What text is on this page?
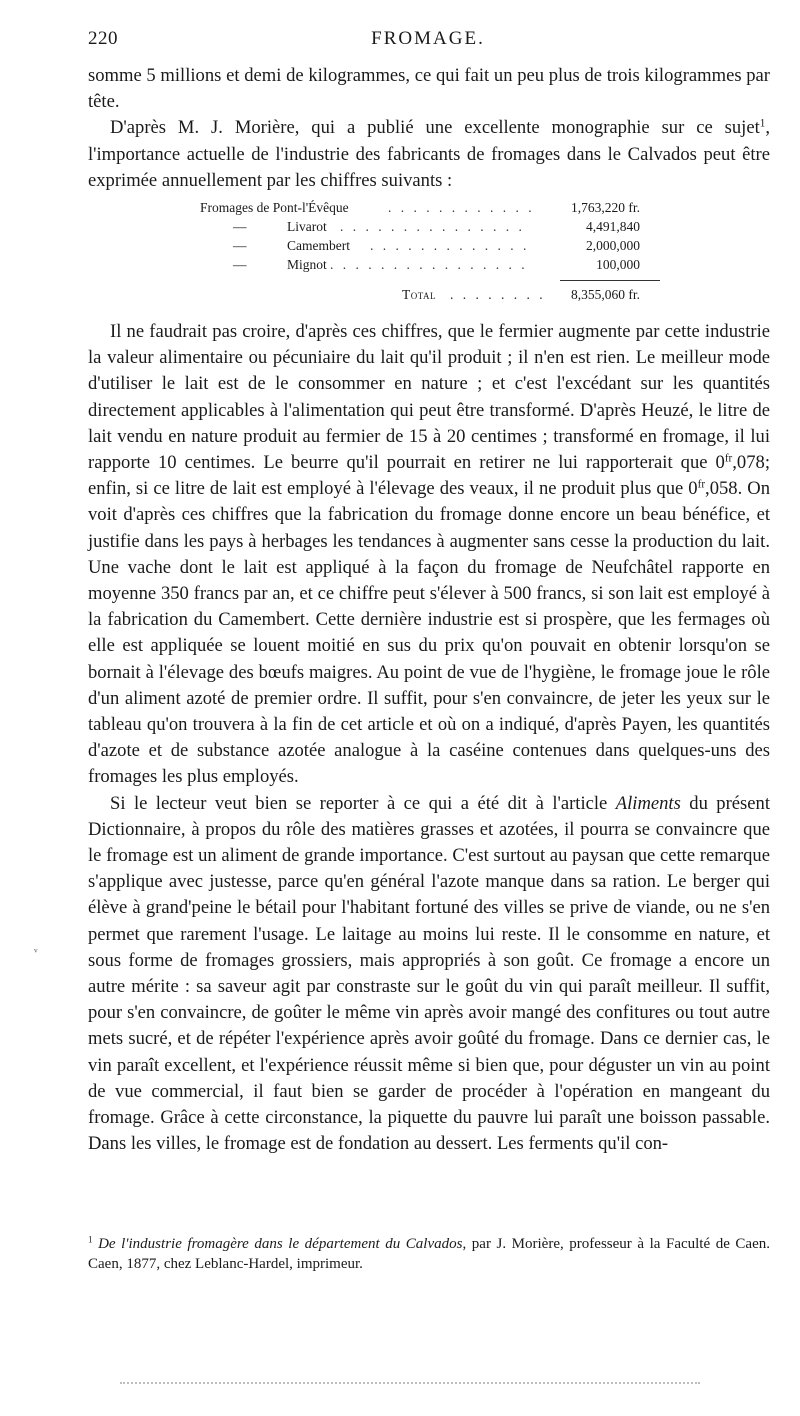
220	FROMAGE.

somme 5 millions et demi de kilogrammes, ce qui fait un peu plus de trois kilogrammes par tête.

D'après M. J. Morière, qui a publié une excellente monographie sur ce sujet$^1$, l'importance actuelle de l'industrie des fabricants de fromages dans le Calvados peut être exprimée annuellement par les chiffres suivants :

Fromages de Pont-l'Évêque	. . . . . . . . . . . .	1,763,220 fr.
—	Livarot . . . . . . . . . . . . . . .	4,491,840
—	Camembert . . . . . . . . . . . . .	2,000,000
—	Mignot . . . . . . . . . . . . . . . .	100,000
Total . . . . . . . . 8,355,060 fr.

Il ne faudrait pas croire, d'après ces chiffres, que le fermier augmente par cette industrie la valeur alimentaire ou pécuniaire du lait qu'il produit ; il n'en est rien. Le meilleur mode d'utiliser le lait est de le consommer en nature ; et c'est l'excédant sur les quantités directement applicables à l'alimentation qui peut être transformé. D'après Heuzé, le litre de lait vendu en nature produit au fermier de 15 à 20 centimes ; transformé en fromage, il lui rapporte 10 centimes. Le beurre qu'il pourrait en retirer ne lui rapporterait que $0^{fr},078$; enfin, si ce litre de lait est employé à l'élevage des veaux, il ne produit plus que $0^{fr},058$. On voit d'après ces chiffres que la fabrication du fromage donne encore un beau bénéfice, et justifie dans les pays à herbages les tendances à augmenter sans cesse la production du lait. Une vache dont le lait est appliqué à la façon du fromage de Neufchâtel rapporte en moyenne 350 francs par an, et ce chiffre peut s'élever à 500 francs, si son lait est employé à la fabrication du Camembert. Cette dernière industrie est si prospère, que les fermages où elle est appliquée se louent moitié en sus du prix qu'on pouvait en obtenir lorsqu'on se bornait à l'élevage des bœufs maigres. Au point de vue de l'hygiène, le fromage joue le rôle d'un aliment azoté de premier ordre. Il suffit, pour s'en convaincre, de jeter les yeux sur le tableau qu'on trouvera à la fin de cet article et où on a indiqué, d'après Payen, les quantités d'azote et de substance azotée analogue à la caséine contenues dans quelques-uns des fromages les plus employés.

Si le lecteur veut bien se reporter à ce qui a été dit à l'article Aliments du présent Dictionnaire, à propos du rôle des matières grasses et azotées, il pourra se convaincre que le fromage est un aliment de grande importance. C'est surtout au paysan que cette remarque s'applique avec justesse, parce qu'en général l'azote manque dans sa ration. Le berger qui élève à grand'peine le bétail pour l'habitant fortuné des villes se prive de viande, ou ne s'en permet que rarement l'usage. Le laitage au moins lui reste. Il le consomme en nature, et sous forme de fromages grossiers, mais appropriés à son goût. Ce fromage a encore un autre mérite : sa saveur agit par constraste sur le goût du vin qui paraît meilleur. Il suffit, pour s'en convaincre, de goûter le même vin après avoir mangé des confitures ou tout autre mets sucré, et de répéter l'expérience après avoir goûté du fromage. Dans ce dernier cas, le vin paraît excellent, et l'expérience réussit même si bien que, pour déguster un vin au point de vue commercial, il faut bien se garder de procéder à l'opération en mangeant du fromage. Grâce à cette circonstance, la piquette du pauvre lui paraît une boisson passable. Dans les villes, le fromage est de fondation au dessert. Les ferments qu'il con-

$^1$ De l'industrie fromagère dans le département du Calvados, par J. Morière, professeur à la Faculté de Caen. Caen, 1877, chez Leblanc-Hardel, imprimeur.
ᵛ
